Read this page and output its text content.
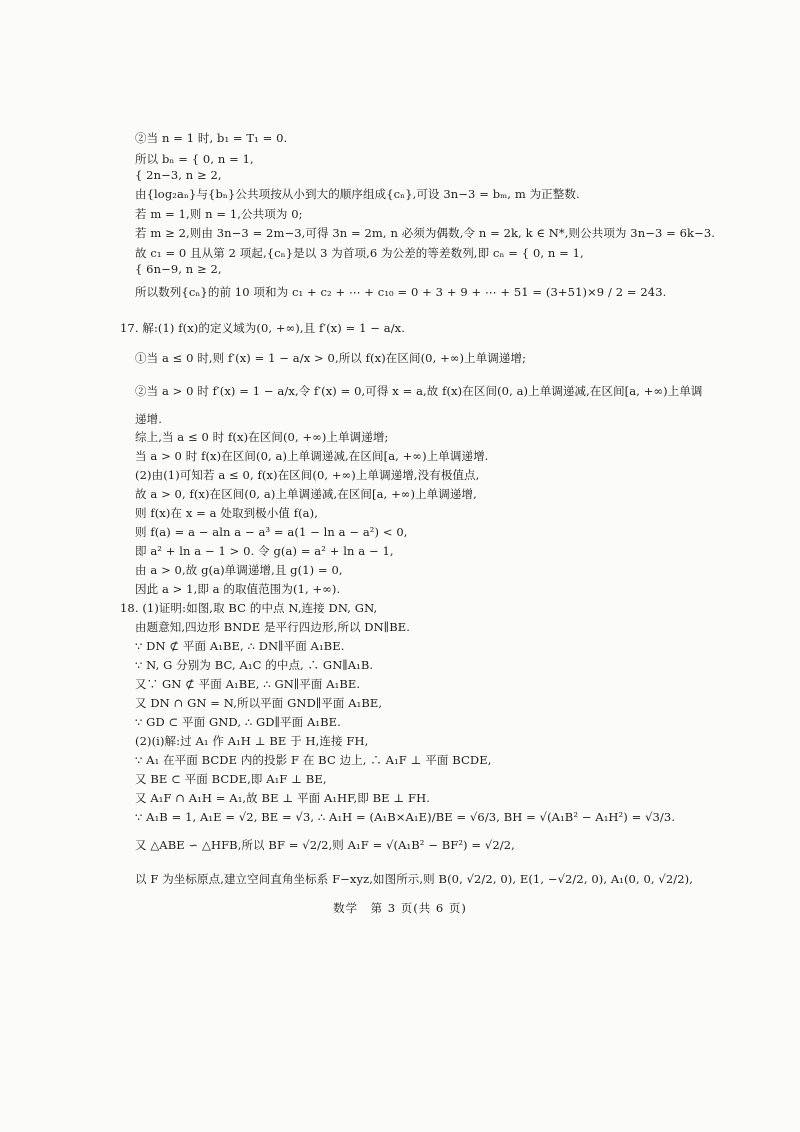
②当 n = 1 时, b₁ = T₁ = 0.
所以 bₙ = { 0, n = 1,
{ 2n−3, n ≥ 2,
由{log₂aₙ}与{bₙ}公共项按从小到大的顺序组成{cₙ},可设 3n−3 = bₘ, m 为正整数.
若 m = 1,则 n = 1,公共项为 0;
若 m ≥ 2,则由 3n−3 = 2m−3,可得 3n = 2m, n 必须为偶数,令 n = 2k, k ∈ N*,则公共项为 3n−3 = 6k−3.
故 c₁ = 0 且从第 2 项起,{cₙ}是以 3 为首项,6 为公差的等差数列,即 cₙ = { 0, n = 1,
{ 6n−9, n ≥ 2,
所以数列{cₙ}的前 10 项和为 c₁ + c₂ + ⋯ + c₁₀ = 0 + 3 + 9 + ⋯ + 51 = (3+51)×9 / 2 = 243.
17. 解:(1) f(x)的定义域为(0, +∞),且 f′(x) = 1 − a/x.
①当 a ≤ 0 时,则 f′(x) = 1 − a/x > 0,所以 f(x)在区间(0, +∞)上单调递增;
②当 a > 0 时 f′(x) = 1 − a/x,令 f′(x) = 0,可得 x = a,故 f(x)在区间(0, a)上单调递减,在区间[a, +∞)上单调
递增.
综上,当 a ≤ 0 时 f(x)在区间(0, +∞)上单调递增;
当 a > 0 时 f(x)在区间(0, a)上单调递减,在区间[a, +∞)上单调递增.
(2)由(1)可知若 a ≤ 0, f(x)在区间(0, +∞)上单调递增,没有极值点,
故 a > 0, f(x)在区间(0, a)上单调递减,在区间[a, +∞)上单调递增,
则 f(x)在 x = a 处取到极小值 f(a),
则 f(a) = a − aln a − a³ = a(1 − ln a − a²) < 0,
即 a² + ln a − 1 > 0. 令 g(a) = a² + ln a − 1,
由 a > 0,故 g(a)单调递增,且 g(1) = 0,
因此 a > 1,即 a 的取值范围为(1, +∞).
18. (1)证明:如图,取 BC 的中点 N,连接 DN, GN,
由题意知,四边形 BNDE 是平行四边形,所以 DN∥BE.
∵ DN ⊄ 平面 A₁BE, ∴ DN∥平面 A₁BE.
∵ N, G 分别为 BC, A₁C 的中点, ∴ GN∥A₁B.
又∵ GN ⊄ 平面 A₁BE, ∴ GN∥平面 A₁BE.
又 DN ∩ GN = N,所以平面 GND∥平面 A₁BE,
∵ GD ⊂ 平面 GND, ∴ GD∥平面 A₁BE.
(2)(i)解:过 A₁ 作 A₁H ⊥ BE 于 H,连接 FH,
∵ A₁ 在平面 BCDE 内的投影 F 在 BC 边上, ∴ A₁F ⊥ 平面 BCDE,
又 BE ⊂ 平面 BCDE,即 A₁F ⊥ BE,
又 A₁F ∩ A₁H = A₁,故 BE ⊥ 平面 A₁HF,即 BE ⊥ FH.
∵ A₁B = 1, A₁E = √2, BE = √3, ∴ A₁H = (A₁B×A₁E)/BE = √6/3, BH = √(A₁B² − A₁H²) = √3/3.
又 △ABE ∽ △HFB,所以 BF = √2/2,则 A₁F = √(A₁B² − BF²) = √2/2,
以 F 为坐标原点,建立空间直角坐标系 F−xyz,如图所示,则 B(0, √2/2, 0), E(1, −√2/2, 0), A₁(0, 0, √2/2),
数学　第 3 页(共 6 页)
